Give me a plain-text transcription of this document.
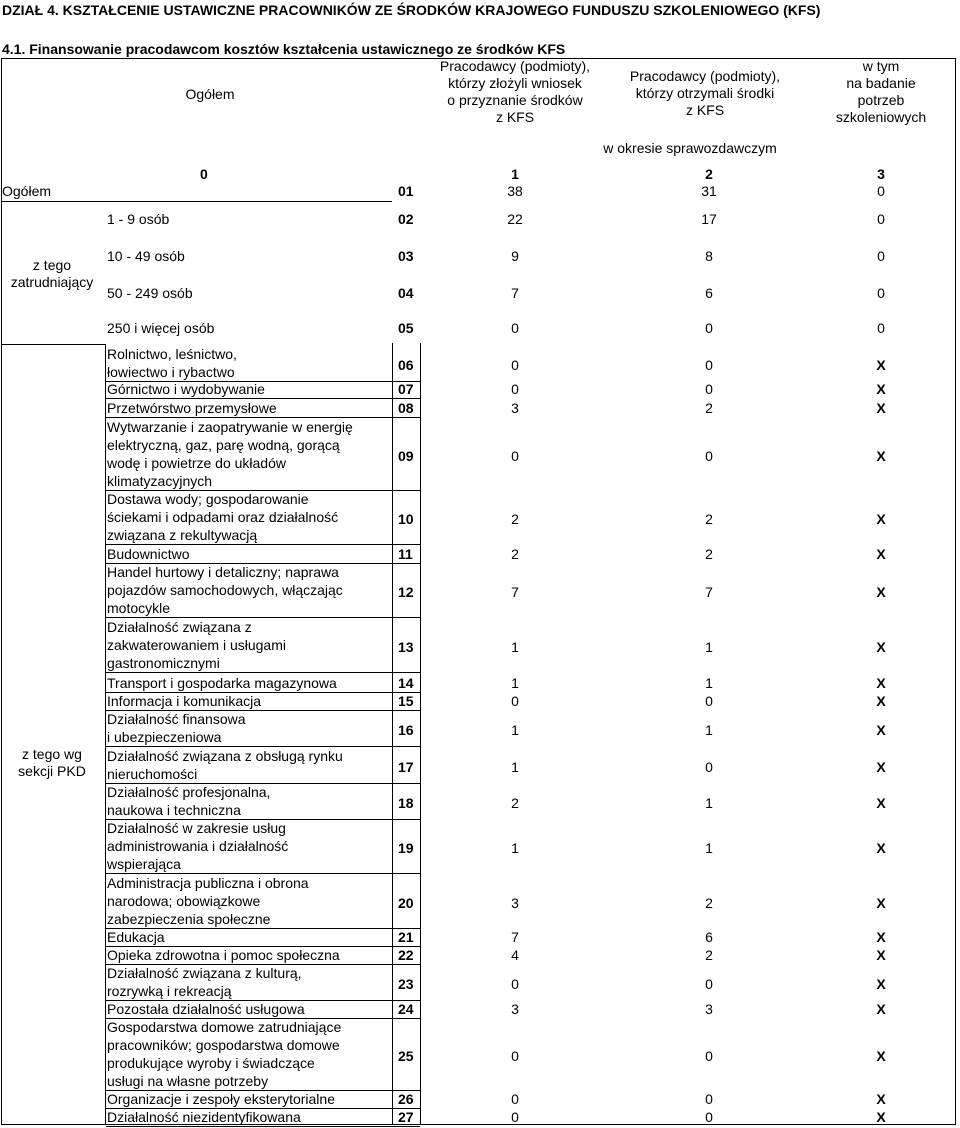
DZIAŁ 4. KSZTAŁCENIE USTAWICZNE PRACOWNIKÓW ZE ŚRODKÓW KRAJOWEGO FUNDUSZU SZKOLENIOWEGO (KFS)
4.1. Finansowanie pracodawcom kosztów kształcenia ustawicznego ze środków KFS
Ogółem
Pracodawcy (podmioty),
którzy złożyli wniosek
o przyznanie środków
z KFS
Pracodawcy (podmioty),
którzy otrzymali środki
z KFS
w tym
na badanie
potrzeb
szkoleniowych
w okresie sprawozdawczym
0	1	2	3
z tego
zatrudniający
z tego wg
sekcji PKD
Ogółem	01	38	31	0
1 - 9 osób	02	22	17	0
10 - 49 osób	03	9	8	0
50 - 249 osób	04	7	6	0
250 i więcej osób	05	0	0	0
Rolnictwo, leśnictwo,
łowiectwo i rybactwo	06	0	0	X
Górnictwo i wydobywanie	07	0	0	X
Przetwórstwo przemysłowe	08	3	2	X
Wytwarzanie i zaopatrywanie w energię
elektryczną, gaz, parę wodną, gorącą
wodę i powietrze do układów
klimatyzacyjnych
09	0	0	X
Dostawa wody; gospodarowanie
ściekami i odpadami oraz działalność
związana z rekultywacją
10	2	2	X
Budownictwo	11	2	2	X
Handel hurtowy i detaliczny; naprawa
pojazdów samochodowych, włączając
motocykle
12	7	7	X
Działalność związana z
zakwaterowaniem i usługami
gastronomicznymi
13	1	1	X
Transport i gospodarka magazynowa	14	1	1	X
Informacja i komunikacja	15	0	0	X
Działalność finansowa
i ubezpieczeniowa	16	1	1	X
Działalność związana z obsługą rynku
nieruchomości	17	1	0	X
Działalność profesjonalna,
naukowa i techniczna	18	2	1	X
Działalność w zakresie usług
administrowania i działalność
wspierająca
19	1	1	X
Administracja publiczna i obrona
narodowa; obowiązkowe
zabezpieczenia społeczne
20	3	2	X
Edukacja	21	7	6	X
Opieka zdrowotna i pomoc społeczna	22	4	2	X
Działalność związana z kulturą,
rozrywką i rekreacją	23	0	0	X
Pozostała działalność usługowa	24	3	3	X
Gospodarstwa domowe zatrudniające
pracowników; gospodarstwa domowe
produkujące wyroby i świadczące
usługi na własne potrzeby
25	0	0	X
Organizacje i zespoły eksterytorialne	26	0	0	X
Działalność niezidentyfikowana	27	0	0	X
